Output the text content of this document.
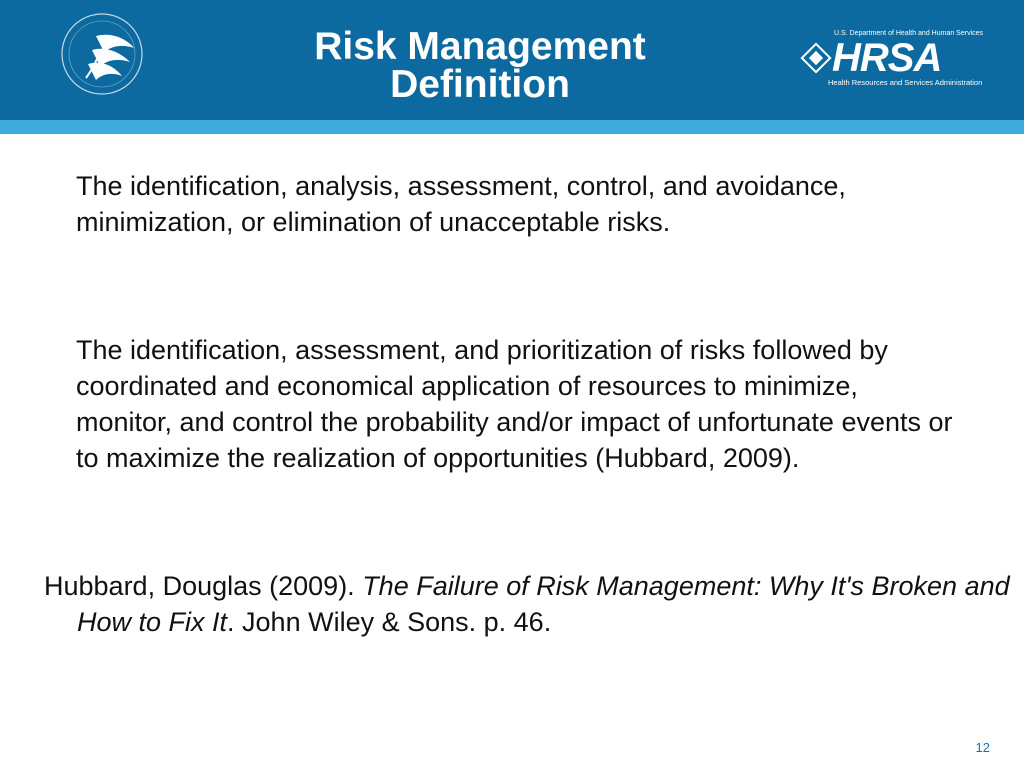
Risk Management
Definition
U.S. Department of Health and Human Services
HRSA
Health Resources and Services Administration

The identification, analysis, assessment, control, and avoidance, minimization, or elimination of unacceptable risks.

The identification, assessment, and prioritization of risks followed by coordinated and economical application of resources to minimize, monitor, and control the probability and/or impact of unfortunate events or to maximize the realization of opportunities (Hubbard, 2009).

Hubbard, Douglas (2009). The Failure of Risk Management: Why It's Broken and How to Fix It. John Wiley & Sons. p. 46.

12
